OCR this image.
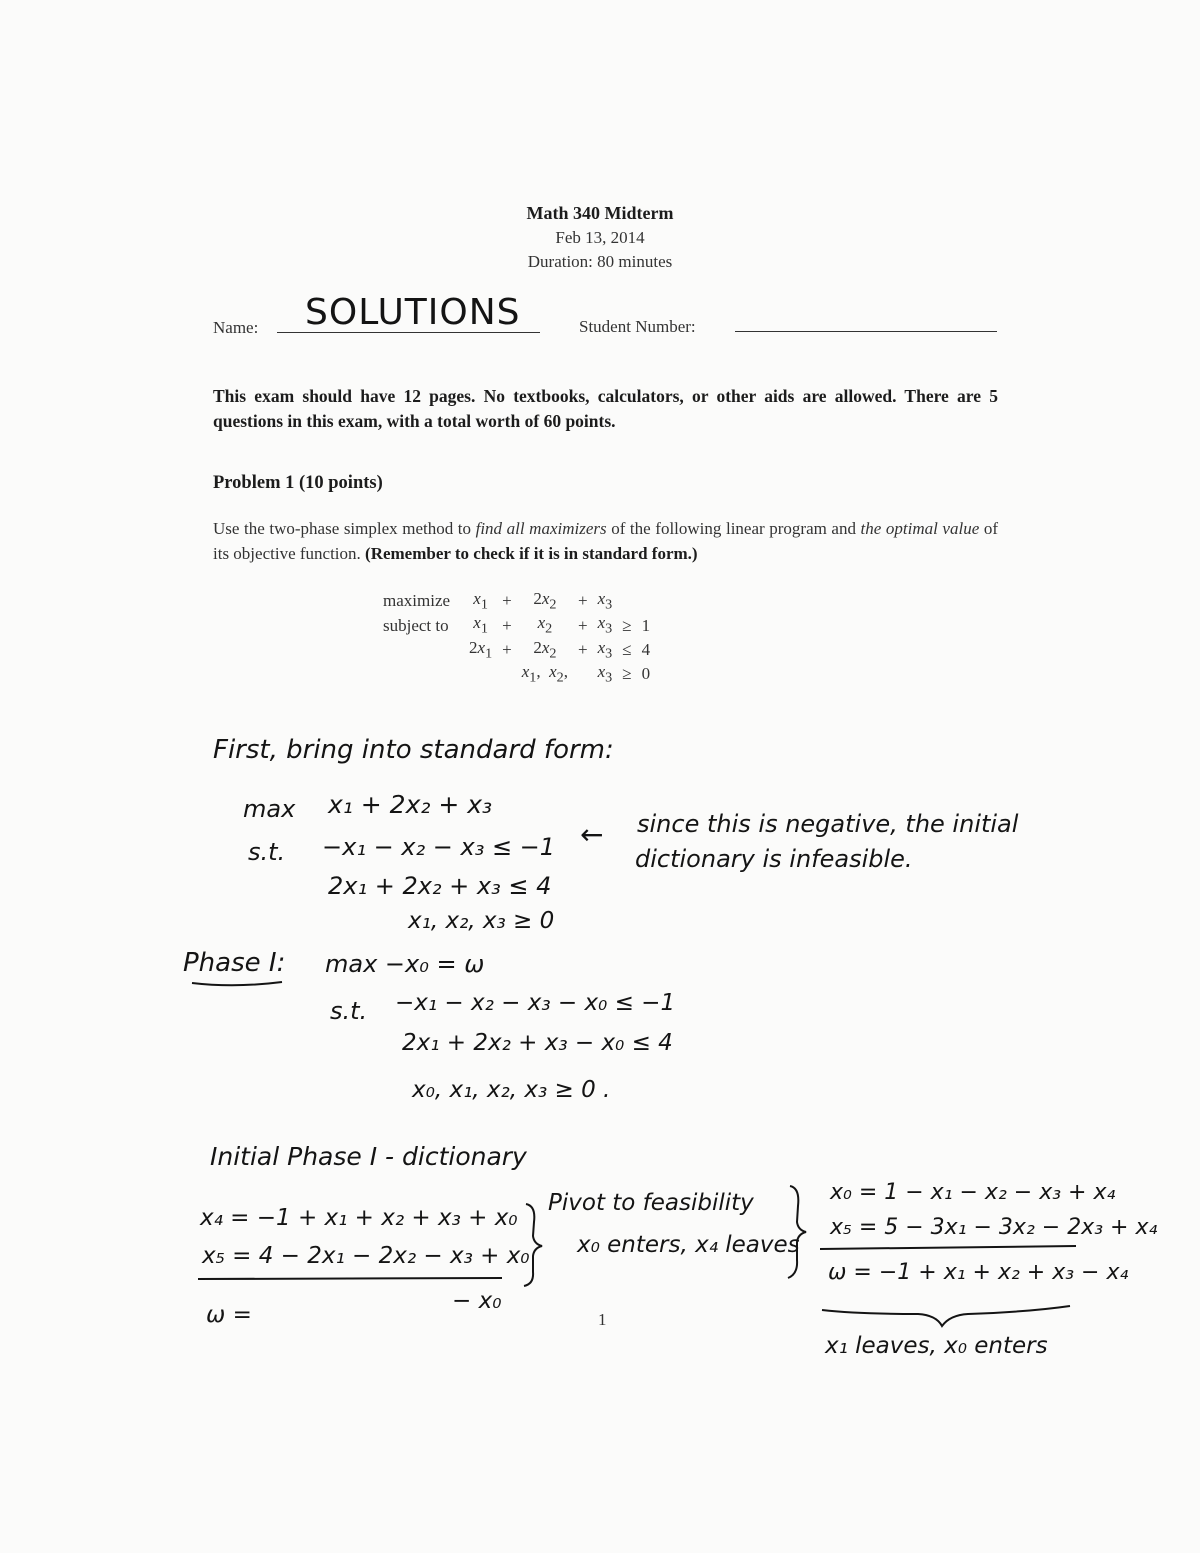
Math 340 Midterm
Feb 13, 2014
Duration: 80 minutes
Name: SOLUTIONS	Student Number:
This exam should have 12 pages. No textbooks, calculators, or other aids are allowed. There are 5 questions in this exam, with a total worth of 60 points.
Problem 1 (10 points)
Use the two-phase simplex method to find all maximizers of the following linear program and the optimal value of its objective function. (Remember to check if it is in standard form.)
maximize	$x_1$	+	$2x_2$	+	$x_3$		
subject to	$x_1$	+	$x_2$	+	$x_3$	≥	1
	$2x_1$	+	$2x_2$	+	$x_3$	≤	4
			$x_1$,  $x_2$,		$x_3$	≥	0
First, bring into standard form:
max x₁ + 2x₂ + x₃
s.t. −x₁ − x₂ − x₃ ≤ −1 ← since this is negative, the initial
dictionary is infeasible.
2x₁ + 2x₂ + x₃ ≤ 4
x₁, x₂, x₃ ≥ 0
Phase I: max −x₀ = ω
s.t. −x₁ − x₂ − x₃ − x₀ ≤ −1
2x₁ + 2x₂ + x₃ − x₀ ≤ 4
x₀, x₁, x₂, x₃ ≥ 0 .
Initial Phase I - dictionary
x₄ = −1 + x₁ + x₂ + x₃ + x₀
x₅ = 4 − 2x₁ − 2x₂ − x₃ + x₀
ω =
− x₀
Pivot to feasibility
x₀ enters, x₄ leaves
x₀ = 1 − x₁ − x₂ − x₃ + x₄
x₅ = 5 − 3x₁ − 3x₂ − 2x₃ + x₄
ω = −1 + x₁ + x₂ + x₃ − x₄
x₁ leaves, x₀ enters
1
